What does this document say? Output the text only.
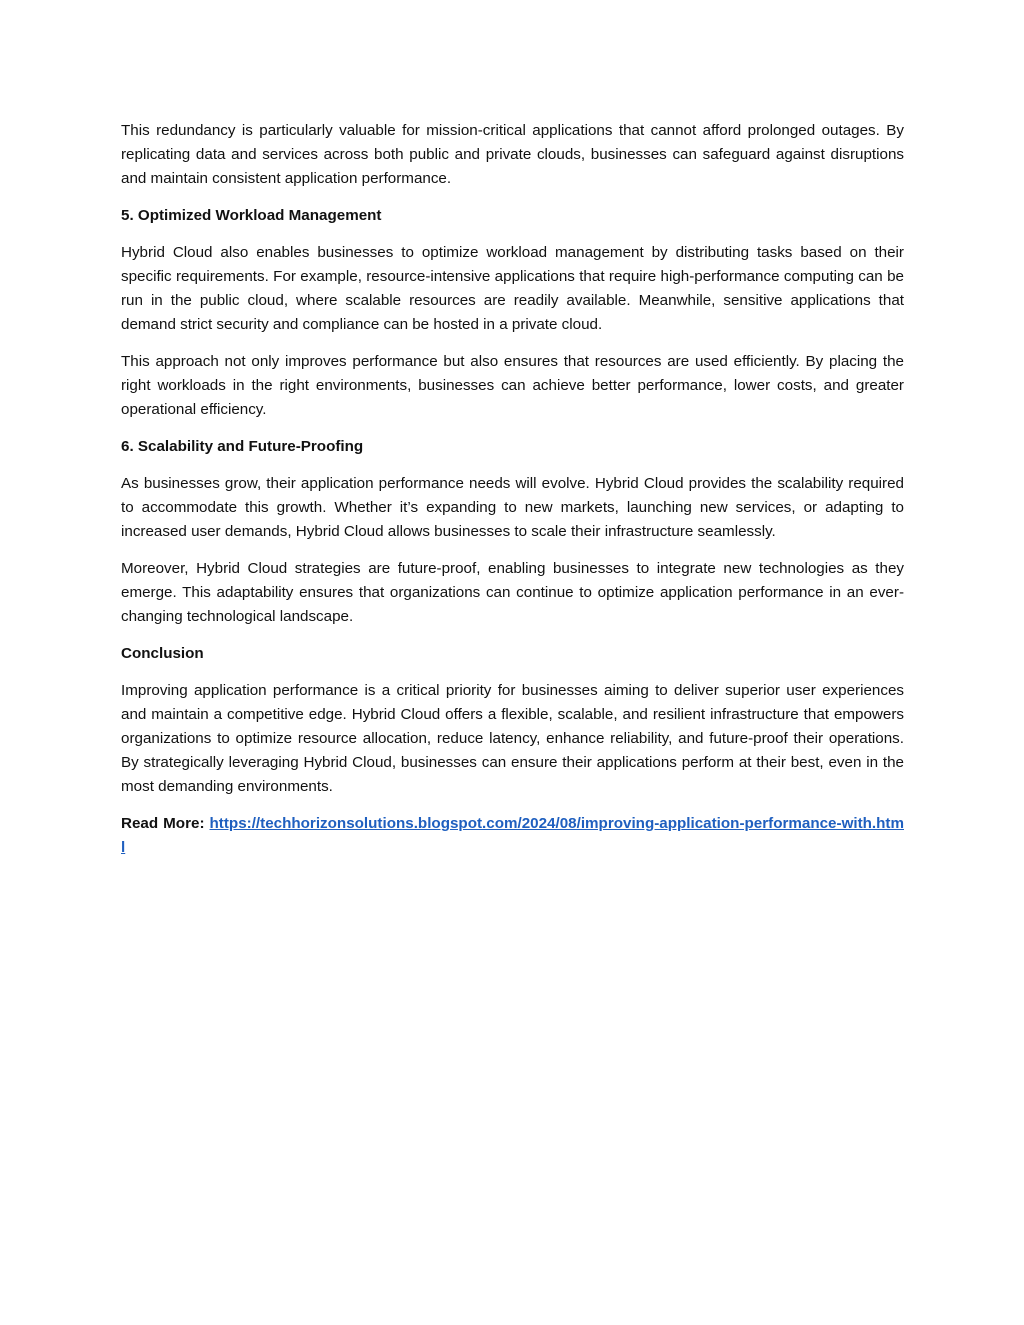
This redundancy is particularly valuable for mission-critical applications that cannot afford prolonged outages. By replicating data and services across both public and private clouds, businesses can safeguard against disruptions and maintain consistent application performance.

5. Optimized Workload Management

Hybrid Cloud also enables businesses to optimize workload management by distributing tasks based on their specific requirements. For example, resource-intensive applications that require high-performance computing can be run in the public cloud, where scalable resources are readily available. Meanwhile, sensitive applications that demand strict security and compliance can be hosted in a private cloud.

This approach not only improves performance but also ensures that resources are used efficiently. By placing the right workloads in the right environments, businesses can achieve better performance, lower costs, and greater operational efficiency.

6. Scalability and Future-Proofing

As businesses grow, their application performance needs will evolve. Hybrid Cloud provides the scalability required to accommodate this growth. Whether it’s expanding to new markets, launching new services, or adapting to increased user demands, Hybrid Cloud allows businesses to scale their infrastructure seamlessly.

Moreover, Hybrid Cloud strategies are future-proof, enabling businesses to integrate new technologies as they emerge. This adaptability ensures that organizations can continue to optimize application performance in an ever-changing technological landscape.

Conclusion

Improving application performance is a critical priority for businesses aiming to deliver superior user experiences and maintain a competitive edge. Hybrid Cloud offers a flexible, scalable, and resilient infrastructure that empowers organizations to optimize resource allocation, reduce latency, enhance reliability, and future-proof their operations. By strategically leveraging Hybrid Cloud, businesses can ensure their applications perform at their best, even in the most demanding environments.

Read More: https://techhorizonsolutions.blogspot.com/2024/08/improving-application-performance-with.html
